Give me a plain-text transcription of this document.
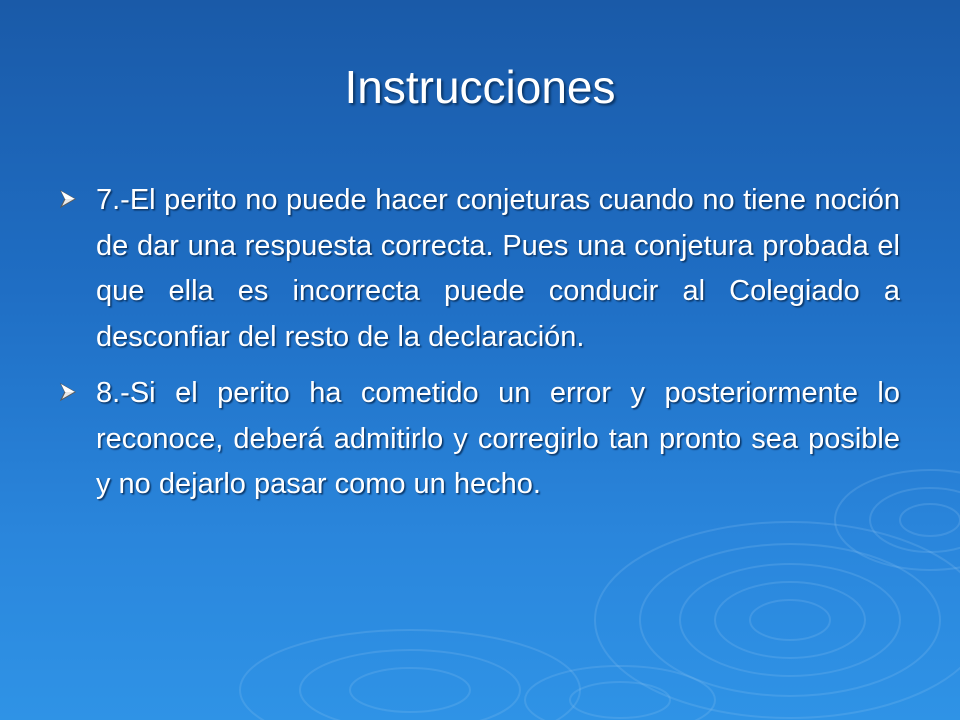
Instrucciones
7.-El perito no puede hacer conjeturas cuando no tiene noción de dar una respuesta correcta. Pues una conjetura probada el que ella es incorrecta puede conducir al Colegiado a desconfiar del resto de la declaración.
8.-Si el perito ha cometido un error y posteriormente lo reconoce, deberá admitirlo y corregirlo tan pronto sea posible y no dejarlo pasar como un hecho.
